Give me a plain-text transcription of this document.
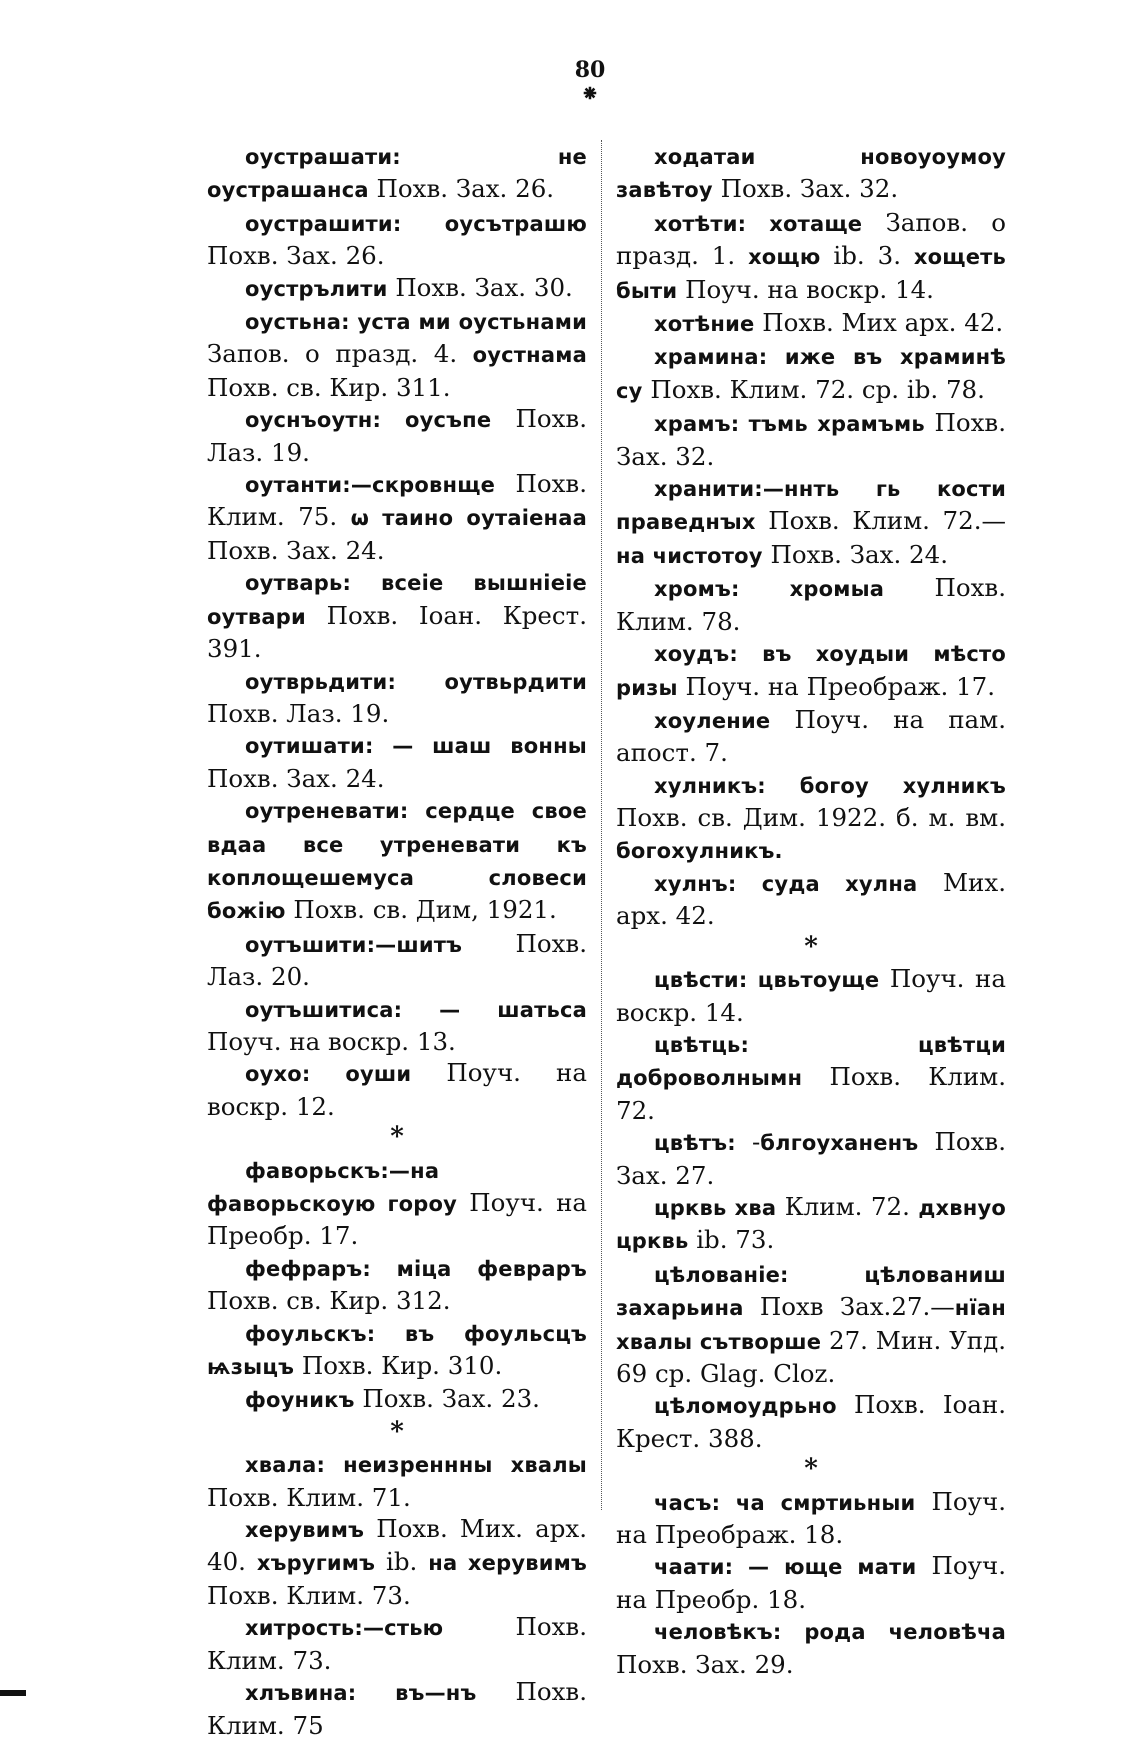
80
⁕

оуcтрашати: не оустрашанса Похв. Зах. 26.

оустрашити: оусътрашю Похв. Зах. 26.

оустрълити Похв. Зах. 30.

оустьна: уста ми оустьнами Запов. о празд. 4. оустнама Похв. св. Кир. 311.

оуснъоутн: оусъпе Похв. Лаз. 19.

оутанти:—скровнще Похв. Клим. 75. ѡ таино оутаіенаа Похв. Зах. 24.

оутварь: всеіе вышніеіе оутвари Похв. Іоан. Крест. 391.

оутврьдити: оутвьрдити Похв. Лаз. 19.

оутишати: — шаш вонны Похв. Зах. 24.

оутреневати: сердце свое вдаа все утреневати къ коплощешемуса словеси божію Похв. св. Дим, 1921.

оутъшити:—шитъ Похв. Лаз. 20.

оутъшитиса: — шатьса Поуч. на воскр. 13.

оухо: оуши Поуч. на воскр. 12.

*

фаворьскъ:—на фаворьскоую гороу Поуч. на Преобр. 17.

фефраръ: міца февраръ Похв. св. Кир. 312.

фоульскъ: въ фоульсцъ ѩзыцъ Похв. Кир. 310.

фоуникъ Похв. Зах. 23.

*

хвала: неизреннны хвалы Похв. Клим. 71.

херувимъ Похв. Мих. арх. 40. хъругимъ ib. на херувимъ Похв. Клим. 73.

хитрость:—стью Похв. Клим. 73.

хлъвина: въ—нъ Похв. Клим. 75

ходатаи новоуоумоу завѣтоу Похв. Зах. 32.

хотѣти: хотаще Запов. о празд. 1. хощю ib. 3. хощеть быти Поуч. на воскр. 14.

хотѣние Похв. Мих арх. 42.

храмина: иже въ храминѣ су Похв. Клим. 72. ср. ib. 78.

храмъ: тъмь храмъмь Похв. Зах. 32.

хранити:—ннть гь кости праведнꙑх Похв. Клим. 72.—на чистотоу Похв. Зах. 24.

хромъ: хромыа Похв. Клим. 78.

хоудъ: въ хоудыи мѣсто ризы Поуч. на Преображ. 17.

хоуление Поуч. на пам. апост. 7.

хулникъ: богоу хулникъ Похв. св. Дим. 1922. б. м. вм. богохулникъ.

хулнъ: суда хулна Мих. арх. 42.

*

цвѣсти: цвьтоуще Поуч. на воскр. 14.

цвѣтць: цвѣтци доброволнымн Похв. Клим. 72.

цвѣтъ: -блгоуханенъ Похв. Зах. 27.

црквь хва Клим. 72. дхвнуо црквь ib. 73.

цѣлованіе: цѣлованиш захарьина Похв Зах.27.—нїан хвалы сътворше 27. Мин. Упд. 69 ср. Glag. Cloz.

цѣломоудрьно Похв. Іоан. Крест. 388.

*

часъ: чa смртиьныи Поуч. на Преображ. 18.

чаати: — юще мати Поуч. на Преобр. 18.

человѣкъ: рода человѣча Похв. Зах. 29.
